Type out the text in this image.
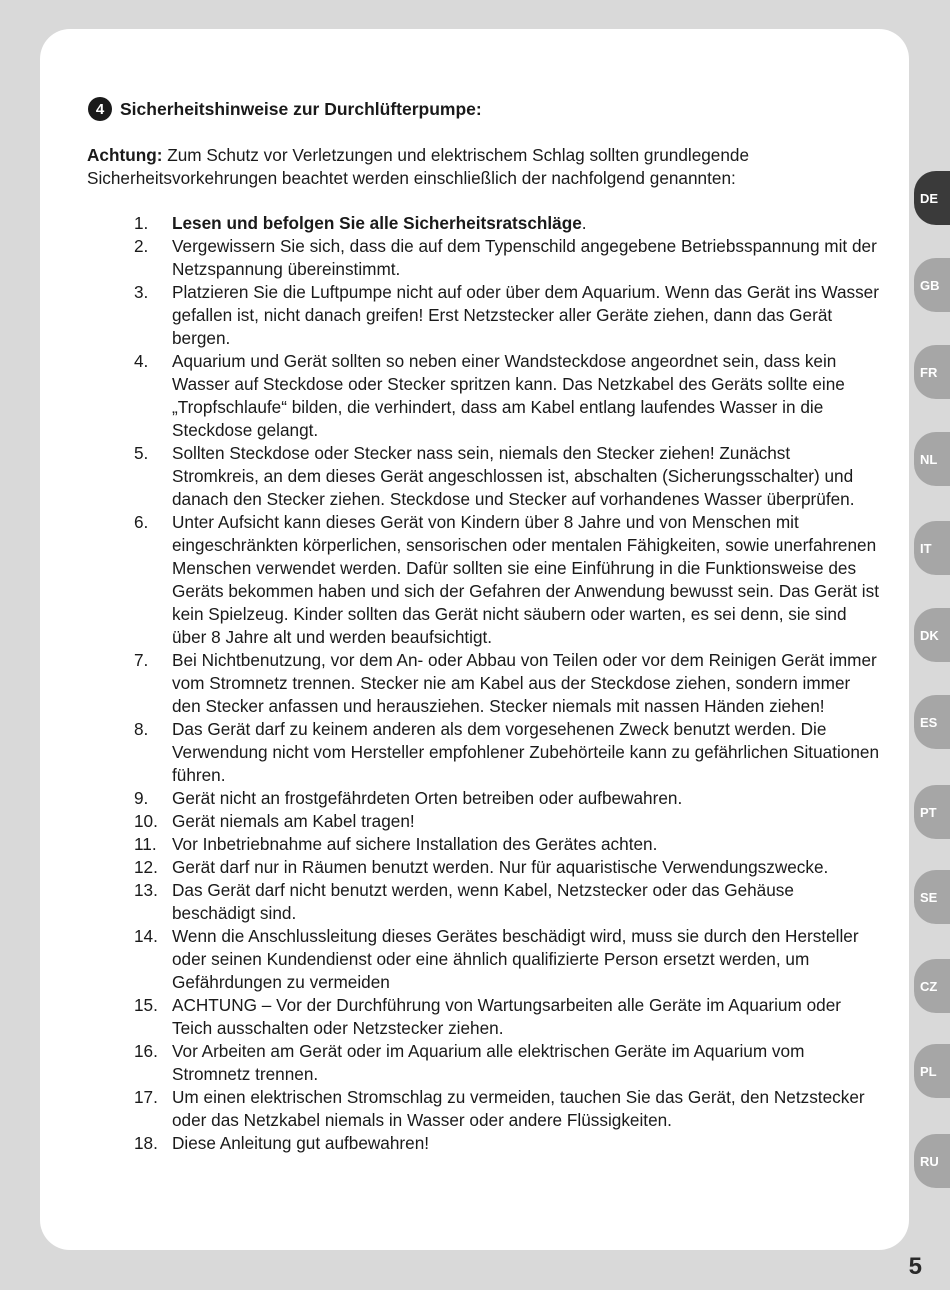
4 Sicherheitshinweise zur Durchlüfterpumpe:
Achtung: Zum Schutz vor Verletzungen und elektrischem Schlag sollten grundlegende Sicherheitsvorkehrungen beachtet werden einschließlich der nachfolgend genannten:
1.	Lesen und befolgen Sie alle Sicherheitsratschläge.
2.	Vergewissern Sie sich, dass die auf dem Typenschild angegebene Betriebsspannung mit der Netzspannung übereinstimmt.
3.	Platzieren Sie die Luftpumpe nicht auf oder über dem Aquarium. Wenn das Gerät ins Wasser gefallen ist, nicht danach greifen! Erst Netzstecker aller Geräte ziehen, dann das Gerät bergen.
4.	Aquarium und Gerät sollten so neben einer Wandsteckdose angeordnet sein, dass kein Wasser auf Steckdose oder Stecker spritzen kann. Das Netzkabel des Geräts sollte eine „Tropfschlaufe“ bilden, die verhindert, dass am Kabel entlang laufendes Wasser in die Steckdose gelangt.
5.	Sollten Steckdose oder Stecker nass sein, niemals den Stecker ziehen! Zunächst Stromkreis, an dem dieses Gerät angeschlossen ist, abschalten (Sicherungsschalter) und danach den Stecker ziehen. Steckdose und Stecker auf vorhandenes Wasser überprüfen.
6.	Unter Aufsicht kann dieses Gerät von Kindern über 8 Jahre und von Menschen mit eingeschränkten körperlichen, sensorischen oder mentalen Fähigkeiten, sowie unerfahrenen Menschen verwendet werden. Dafür sollten sie eine Einführung in die Funktionsweise des Geräts bekommen haben und sich der Gefahren der Anwendung bewusst sein. Das Gerät ist kein Spielzeug. Kinder sollten das Gerät nicht säubern oder warten, es sei denn, sie sind über 8 Jahre alt und werden beaufsichtigt.
7.	Bei Nichtbenutzung, vor dem An- oder Abbau von Teilen oder vor dem Reinigen Gerät immer vom Stromnetz trennen. Stecker nie am Kabel aus der Steckdose ziehen, sondern immer den Stecker anfassen und herausziehen. Stecker niemals mit nassen Händen ziehen!
8.	Das Gerät darf zu keinem anderen als dem vorgesehenen Zweck benutzt werden. Die Verwendung nicht vom Hersteller empfohlener Zubehörteile kann zu gefährlichen Situationen führen.
9.	Gerät nicht an frostgefährdeten Orten betreiben oder aufbewahren.
10. Gerät niemals am Kabel tragen!
11. Vor Inbetriebnahme auf sichere Installation des Gerätes achten.
12. Gerät darf nur in Räumen benutzt werden. Nur für aquaristische Verwendungszwecke.
13. Das Gerät darf nicht benutzt werden, wenn Kabel, Netzstecker oder das Gehäuse beschädigt sind.
14. Wenn die Anschlussleitung dieses Gerätes beschädigt wird, muss sie durch den Hersteller oder seinen Kundendienst oder eine ähnlich qualifizierte Person ersetzt werden, um Gefährdungen zu vermeiden
15. ACHTUNG – Vor der Durchführung von Wartungsarbeiten alle Geräte im Aquarium oder Teich ausschalten oder Netzstecker ziehen.
16. Vor Arbeiten am Gerät oder im Aquarium alle elektrischen Geräte im Aquarium vom Stromnetz trennen.
17. Um einen elektrischen Stromschlag zu vermeiden, tauchen Sie das Gerät, den Netzstecker oder das Netzkabel niemals in Wasser oder andere Flüssigkeiten.
18. Diese Anleitung gut aufbewahren!
DE
GB
FR
NL
IT
DK
ES
PT
SE
CZ
PL
RU
5
